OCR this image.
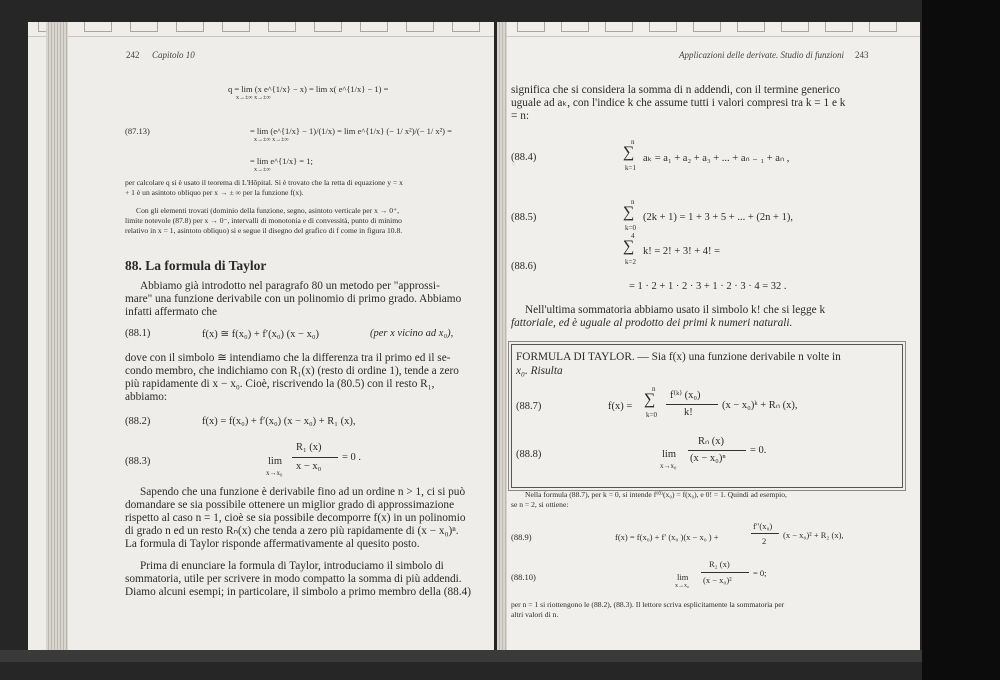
242 Capitolo 10
q = lim (x e^{1/x} − x) = lim x( e^{1/x} − 1) =
x→±∞ x→±∞
(87.13)	= lim (e^{1/x} − 1)/(1/x) = lim e^{1/x} (− 1/ x²)/(− 1/ x²) =
x→±∞ x→±∞
= lim e^{1/x} = 1;
x→±∞
per calcolare q si è usato il teorema di L'Hôpital. Si è trovato che la retta di equazione y = x
+ 1 è un asintoto obliquo per x → ± ∞ per la funzione f(x).
Con gli elementi trovati (dominio della funzione, segno, asintoto verticale per x → 0⁺,
limite notevole (87.8) per x → 0⁻, intervalli di monotonia e di convessità, punto di minimo
relativo in x = 1, asintoto obliquo) si e segue il disegno del grafico di f come in figura 10.8.
88. La formula di Taylor
Abbiamo già introdotto nel paragrafo 80 un metodo per "approssi-
mare" una funzione derivabile con un polinomio di primo grado. Abbiamo
infatti affermato che
(88.1)	f(x) ≅ f(x₀) + f′(x₀) (x − x₀)	(per x vicino ad x₀),
dove con il simbolo ≅ intendiamo che la differenza tra il primo ed il se-
condo membro, che indichiamo con R₁(x) (resto di ordine 1), tende a zero
più rapidamente di x − x₀. Cioè, riscrivendo la (80.5) con il resto R₁,
abbiamo:
(88.2)	f(x) = f(x₀) + f′(x₀) (x − x₀) + R₁ (x),
(88.3)	lim
x→x₀
R₁ (x)
x − x₀
= 0 .
Sapendo che una funzione è derivabile fino ad un ordine n > 1, ci si può
domandare se sia possibile ottenere un miglior grado di approssimazione
rispetto al caso n = 1, cioè se sia possibile decomporre f(x) in un polinomio
di grado n ed un resto Rₙ(x) che tenda a zero più rapidamente di (x − x₀)ⁿ.
La formula di Taylor risponde affermativamente al quesito posto.
Prima di enunciare la formula di Taylor, introduciamo il simbolo di
sommatoria, utile per scrivere in modo compatto la somma di più addendi.
Diamo alcuni esempi; in particolare, il simbolo a primo membro della (88.4)
Applicazioni delle derivate. Studio di funzioni 243
significa che si considera la somma di n addendi, con il termine generico
uguale ad aₖ, con l'indice k che assume tutti i valori compresi tra k = 1 e k
= n:
(88.4)
n
∑
k=1
aₖ = a₁ + a₂ + a₃ + ... + aₙ ₋ ₁ + aₙ ,
(88.5)
n
∑
k=0
(2k + 1) = 1 + 3 + 5 + ... + (2n + 1),
(88.6)
4
∑
k=2
k! = 2! + 3! + 4! =
= 1 · 2 + 1 · 2 · 3 + 1 · 2 · 3 · 4 = 32 .
Nell'ultima sommatoria abbiamo usato il simbolo k! che si legge k
fattoriale, ed è uguale al prodotto dei primi k numeri naturali.
FORMULA DI TAYLOR. — Sia f(x) una funzione derivabile n volte in
x₀. Risulta
(88.7)	f(x) =
n
∑
k=0
f⁽ᵏ⁾ (x₀)
k!
(x − x₀)ᵏ + Rₙ (x),
(88.8)	lim
x→x₀
Rₙ (x)
(x − x₀)ⁿ
= 0.
Nella formula (88.7), per k = 0, si intende f⁽⁰⁾(x₀) = f(x₀), e 0! = 1. Quindi ad esempio,
se n = 2, si ottiene:
(88.9)	f(x) = f(x₀) + f′ (x₀ )(x − x₀ ) +
f″(x₀)
2
(x − x₀)² + R₂ (x),
(88.10)	lim
x→x₀
R₂ (x)
(x − x₀)²
= 0;
per n = 1 si riottengono le (88.2), (88.3). Il lettore scriva esplicitamente la sommatoria per
altri valori di n.
